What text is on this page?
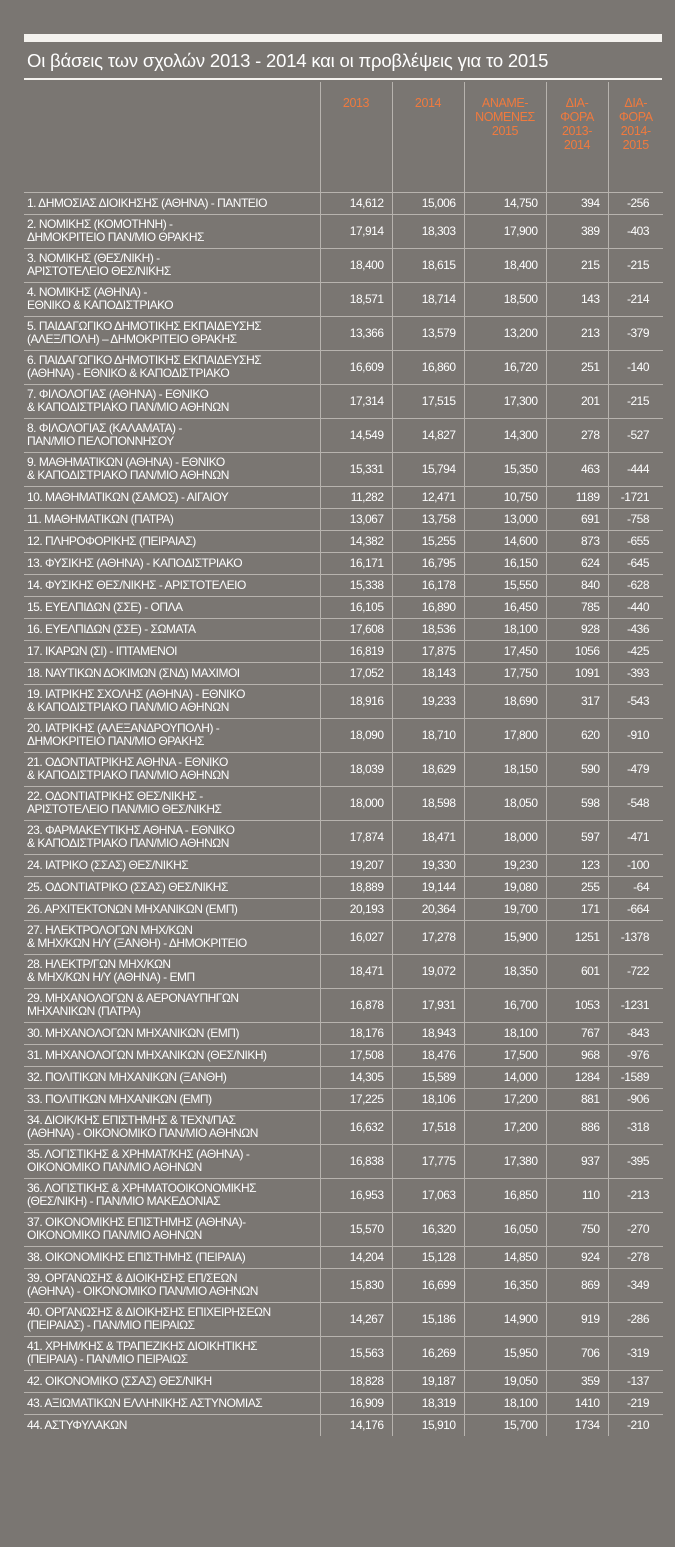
Οι βάσεις των σχολών 2013 - 2014 και οι προβλέψεις για το 2015
	2013	2014	ΑΝΑΜΕ-
ΝΟΜΕΝΕΣ
2015	ΔΙΑ-
ΦΟΡΑ
2013-
2014	ΔΙΑ-
ΦΟΡΑ
2014-
2015

1. ΔΗΜΟΣΙΑΣ ΔΙΟΙΚΗΣΗΣ (ΑΘΗΝΑ) - ΠΑΝΤΕΙΟ	14,612	15,006	14,750	394	-256

2. ΝΟΜΙΚΗΣ (ΚΟΜΟΤΗΝΗ) -
ΔΗΜΟΚΡΙΤΕΙΟ ΠΑΝ/ΜΙΟ ΘΡΑΚΗΣ	17,914	18,303	17,900	389	-403

3. ΝΟΜΙΚΗΣ (ΘΕΣ/ΝΙΚΗ) -
ΑΡΙΣΤΟΤΕΛΕΙΟ ΘΕΣ/ΝΙΚΗΣ	18,400	18,615	18,400	215	-215

4. ΝΟΜΙΚΗΣ (ΑΘΗΝΑ) -
ΕΘΝΙΚΟ & ΚΑΠΟΔΙΣΤΡΙΑΚΟ	18,571	18,714	18,500	143	-214

5. ΠΑΙΔΑΓΩΓΙΚΟ ΔΗΜΟΤΙΚΗΣ ΕΚΠΑΙΔΕΥΣΗΣ
(ΑΛΕΞ/ΠΟΛΗ) – ΔΗΜΟΚΡΙΤΕΙΟ ΘΡΑΚΗΣ	13,366	13,579	13,200	213	-379

6. ΠΑΙΔΑΓΩΓΙΚΟ ΔΗΜΟΤΙΚΗΣ ΕΚΠΑΙΔΕΥΣΗΣ
(ΑΘΗΝΑ) - ΕΘΝΙΚΟ & ΚΑΠΟΔΙΣΤΡΙΑΚΟ	16,609	16,860	16,720	251	-140

7. ΦΙΛΟΛΟΓΙΑΣ (ΑΘΗΝΑ) - ΕΘΝΙΚΟ
& ΚΑΠΟΔΙΣΤΡΙΑΚΟ ΠΑΝ/ΜΙΟ ΑΘΗΝΩΝ	17,314	17,515	17,300	201	-215

8. ΦΙΛΟΛΟΓΙΑΣ (ΚΑΛΑΜΑΤΑ) -
ΠΑΝ/ΜΙΟ ΠΕΛΟΠΟΝΝΗΣΟΥ	14,549	14,827	14,300	278	-527

9. ΜΑΘΗΜΑΤΙΚΩΝ (ΑΘΗΝΑ) - ΕΘΝΙΚΟ
& ΚΑΠΟΔΙΣΤΡΙΑΚΟ ΠΑΝ/ΜΙΟ ΑΘΗΝΩΝ	15,331	15,794	15,350	463	-444

10. ΜΑΘΗΜΑΤΙΚΩΝ (ΣΑΜΟΣ) - ΑΙΓΑΙΟΥ	11,282	12,471	10,750	1189	-1721

11. ΜΑΘΗΜΑΤΙΚΩΝ (ΠΑΤΡΑ)	13,067	13,758	13,000	691	-758

12. ΠΛΗΡΟΦΟΡΙΚΗΣ (ΠΕΙΡΑΙΑΣ)	14,382	15,255	14,600	873	-655

13. ΦΥΣΙΚΗΣ (ΑΘΗΝΑ) - ΚΑΠΟΔΙΣΤΡΙΑΚΟ	16,171	16,795	16,150	624	-645

14. ΦΥΣΙΚΗΣ ΘΕΣ/ΝΙΚΗΣ - ΑΡΙΣΤΟΤΕΛΕΙΟ	15,338	16,178	15,550	840	-628

15. ΕΥΕΛΠΙΔΩΝ (ΣΣΕ) - ΟΠΛΑ	16,105	16,890	16,450	785	-440

16. ΕΥΕΛΠΙΔΩΝ (ΣΣΕ) - ΣΩΜΑΤΑ	17,608	18,536	18,100	928	-436

17. ΙΚΑΡΩΝ (ΣΙ) - ΙΠΤΑΜΕΝΟΙ	16,819	17,875	17,450	1056	-425

18. ΝΑΥΤΙΚΩΝ ΔΟΚΙΜΩΝ (ΣΝΔ) ΜΑΧΙΜΟΙ	17,052	18,143	17,750	1091	-393

19. ΙΑΤΡΙΚΗΣ ΣΧΟΛΗΣ (ΑΘΗΝΑ) - ΕΘΝΙΚΟ
& ΚΑΠΟΔΙΣΤΡΙΑΚΟ ΠΑΝ/ΜΙΟ ΑΘΗΝΩΝ	18,916	19,233	18,690	317	-543

20. ΙΑΤΡΙΚΗΣ (ΑΛΕΞΑΝΔΡΟΥΠΟΛΗ) -
ΔΗΜΟΚΡΙΤΕΙΟ ΠΑΝ/ΜΙΟ ΘΡΑΚΗΣ	18,090	18,710	17,800	620	-910

21. ΟΔΟΝΤΙΑΤΡΙΚΗΣ ΑΘΗΝΑ - ΕΘΝΙΚΟ
& ΚΑΠΟΔΙΣΤΡΙΑΚΟ ΠΑΝ/ΜΙΟ ΑΘΗΝΩΝ	18,039	18,629	18,150	590	-479

22. ΟΔΟΝΤΙΑΤΡΙΚΗΣ ΘΕΣ/ΝΙΚΗΣ -
ΑΡΙΣΤΟΤΕΛΕΙΟ ΠΑΝ/ΜΙΟ ΘΕΣ/ΝΙΚΗΣ	18,000	18,598	18,050	598	-548

23. ΦΑΡΜΑΚΕΥΤΙΚΗΣ ΑΘΗΝΑ - ΕΘΝΙΚΟ
& ΚΑΠΟΔΙΣΤΡΙΑΚΟ ΠΑΝ/ΜΙΟ ΑΘΗΝΩΝ	17,874	18,471	18,000	597	-471

24. ΙΑΤΡΙΚΟ (ΣΣΑΣ) ΘΕΣ/ΝΙΚΗΣ	19,207	19,330	19,230	123	-100

25. ΟΔΟΝΤΙΑΤΡΙΚΟ (ΣΣΑΣ) ΘΕΣ/ΝΙΚΗΣ	18,889	19,144	19,080	255	-64

26. ΑΡΧΙΤΕΚΤΟΝΩΝ ΜΗΧΑΝΙΚΩΝ (ΕΜΠ)	20,193	20,364	19,700	171	-664

27. ΗΛΕΚΤΡΟΛΟΓΩΝ ΜΗΧ/ΚΩΝ
& ΜΗΧ/ΚΩΝ Η/Υ (ΞΑΝΘΗ) - ΔΗΜΟΚΡΙΤΕΙΟ	16,027	17,278	15,900	1251	-1378

28. ΗΛΕΚΤΡ/ΓΩΝ ΜΗΧ/ΚΩΝ
& ΜΗΧ/ΚΩΝ Η/Υ (ΑΘΗΝΑ) - ΕΜΠ	18,471	19,072	18,350	601	-722

29. ΜΗΧΑΝΟΛΟΓΩΝ & ΑΕΡΟΝΑΥΠΗΓΩΝ
ΜΗΧΑΝΙΚΩΝ (ΠΑΤΡΑ)	16,878	17,931	16,700	1053	-1231

30. ΜΗΧΑΝΟΛΟΓΩΝ ΜΗΧΑΝΙΚΩΝ (ΕΜΠ)	18,176	18,943	18,100	767	-843

31. ΜΗΧΑΝΟΛΟΓΩΝ ΜΗΧΑΝΙΚΩΝ (ΘΕΣ/ΝΙΚΗ)	17,508	18,476	17,500	968	-976

32. ΠΟΛΙΤΙΚΩΝ ΜΗΧΑΝΙΚΩΝ (ΞΑΝΘΗ)	14,305	15,589	14,000	1284	-1589

33. ΠΟΛΙΤΙΚΩΝ ΜΗΧΑΝΙΚΩΝ (ΕΜΠ)	17,225	18,106	17,200	881	-906

34. ΔΙΟΙΚ/ΚΗΣ ΕΠΙΣΤΗΜΗΣ & ΤΕΧΝ/ΠΑΣ
(ΑΘΗΝΑ) - ΟΙΚΟΝΟΜΙΚΟ ΠΑΝ/ΜΙΟ ΑΘΗΝΩΝ	16,632	17,518	17,200	886	-318

35. ΛΟΓΙΣΤΙΚΗΣ & ΧΡΗΜΑΤ/ΚΗΣ (ΑΘΗΝΑ) -
ΟΙΚΟΝΟΜΙΚΟ ΠΑΝ/ΜΙΟ ΑΘΗΝΩΝ	16,838	17,775	17,380	937	-395

36. ΛΟΓΙΣΤΙΚΗΣ & ΧΡΗΜΑΤΟΟΙΚΟΝΟΜΙΚΗΣ
(ΘΕΣ/ΝΙΚΗ) - ΠΑΝ/ΜΙΟ ΜΑΚΕΔΟΝΙΑΣ	16,953	17,063	16,850	110	-213

37. ΟΙΚΟΝΟΜΙΚΗΣ ΕΠΙΣΤΗΜΗΣ (ΑΘΗΝΑ)-
ΟΙΚΟΝΟΜΙΚΟ ΠΑΝ/ΜΙΟ ΑΘΗΝΩΝ	15,570	16,320	16,050	750	-270

38. ΟΙΚΟΝΟΜΙΚΗΣ ΕΠΙΣΤΗΜΗΣ (ΠΕΙΡΑΙΑ)	14,204	15,128	14,850	924	-278

39. ΟΡΓΑΝΩΣΗΣ & ΔΙΟΙΚΗΣΗΣ ΕΠ/ΣΕΩΝ
(ΑΘΗΝΑ) - ΟΙΚΟΝΟΜΙΚΟ ΠΑΝ/ΜΙΟ ΑΘΗΝΩΝ	15,830	16,699	16,350	869	-349

40. ΟΡΓΑΝΩΣΗΣ & ΔΙΟΙΚΗΣΗΣ ΕΠΙΧΕΙΡΗΣΕΩΝ
(ΠΕΙΡΑΙΑΣ) - ΠΑΝ/ΜΙΟ ΠΕΙΡΑΙΩΣ	14,267	15,186	14,900	919	-286

41. ΧΡΗΜ/ΚΗΣ & ΤΡΑΠΕΖΙΚΗΣ ΔΙΟΙΚΗΤΙΚΗΣ
(ΠΕΙΡΑΙΑ) - ΠΑΝ/ΜΙΟ ΠΕΙΡΑΙΩΣ	15,563	16,269	15,950	706	-319

42. ΟΙΚΟΝΟΜΙΚΟ (ΣΣΑΣ) ΘΕΣ/ΝΙΚΗ	18,828	19,187	19,050	359	-137

43. ΑΞΙΩΜΑΤΙΚΩΝ ΕΛΛΗΝΙΚΗΣ ΑΣΤΥΝΟΜΙΑΣ	16,909	18,319	18,100	1410	-219

44. ΑΣΤΥΦΥΛΑΚΩΝ	14,176	15,910	15,700	1734	-210
